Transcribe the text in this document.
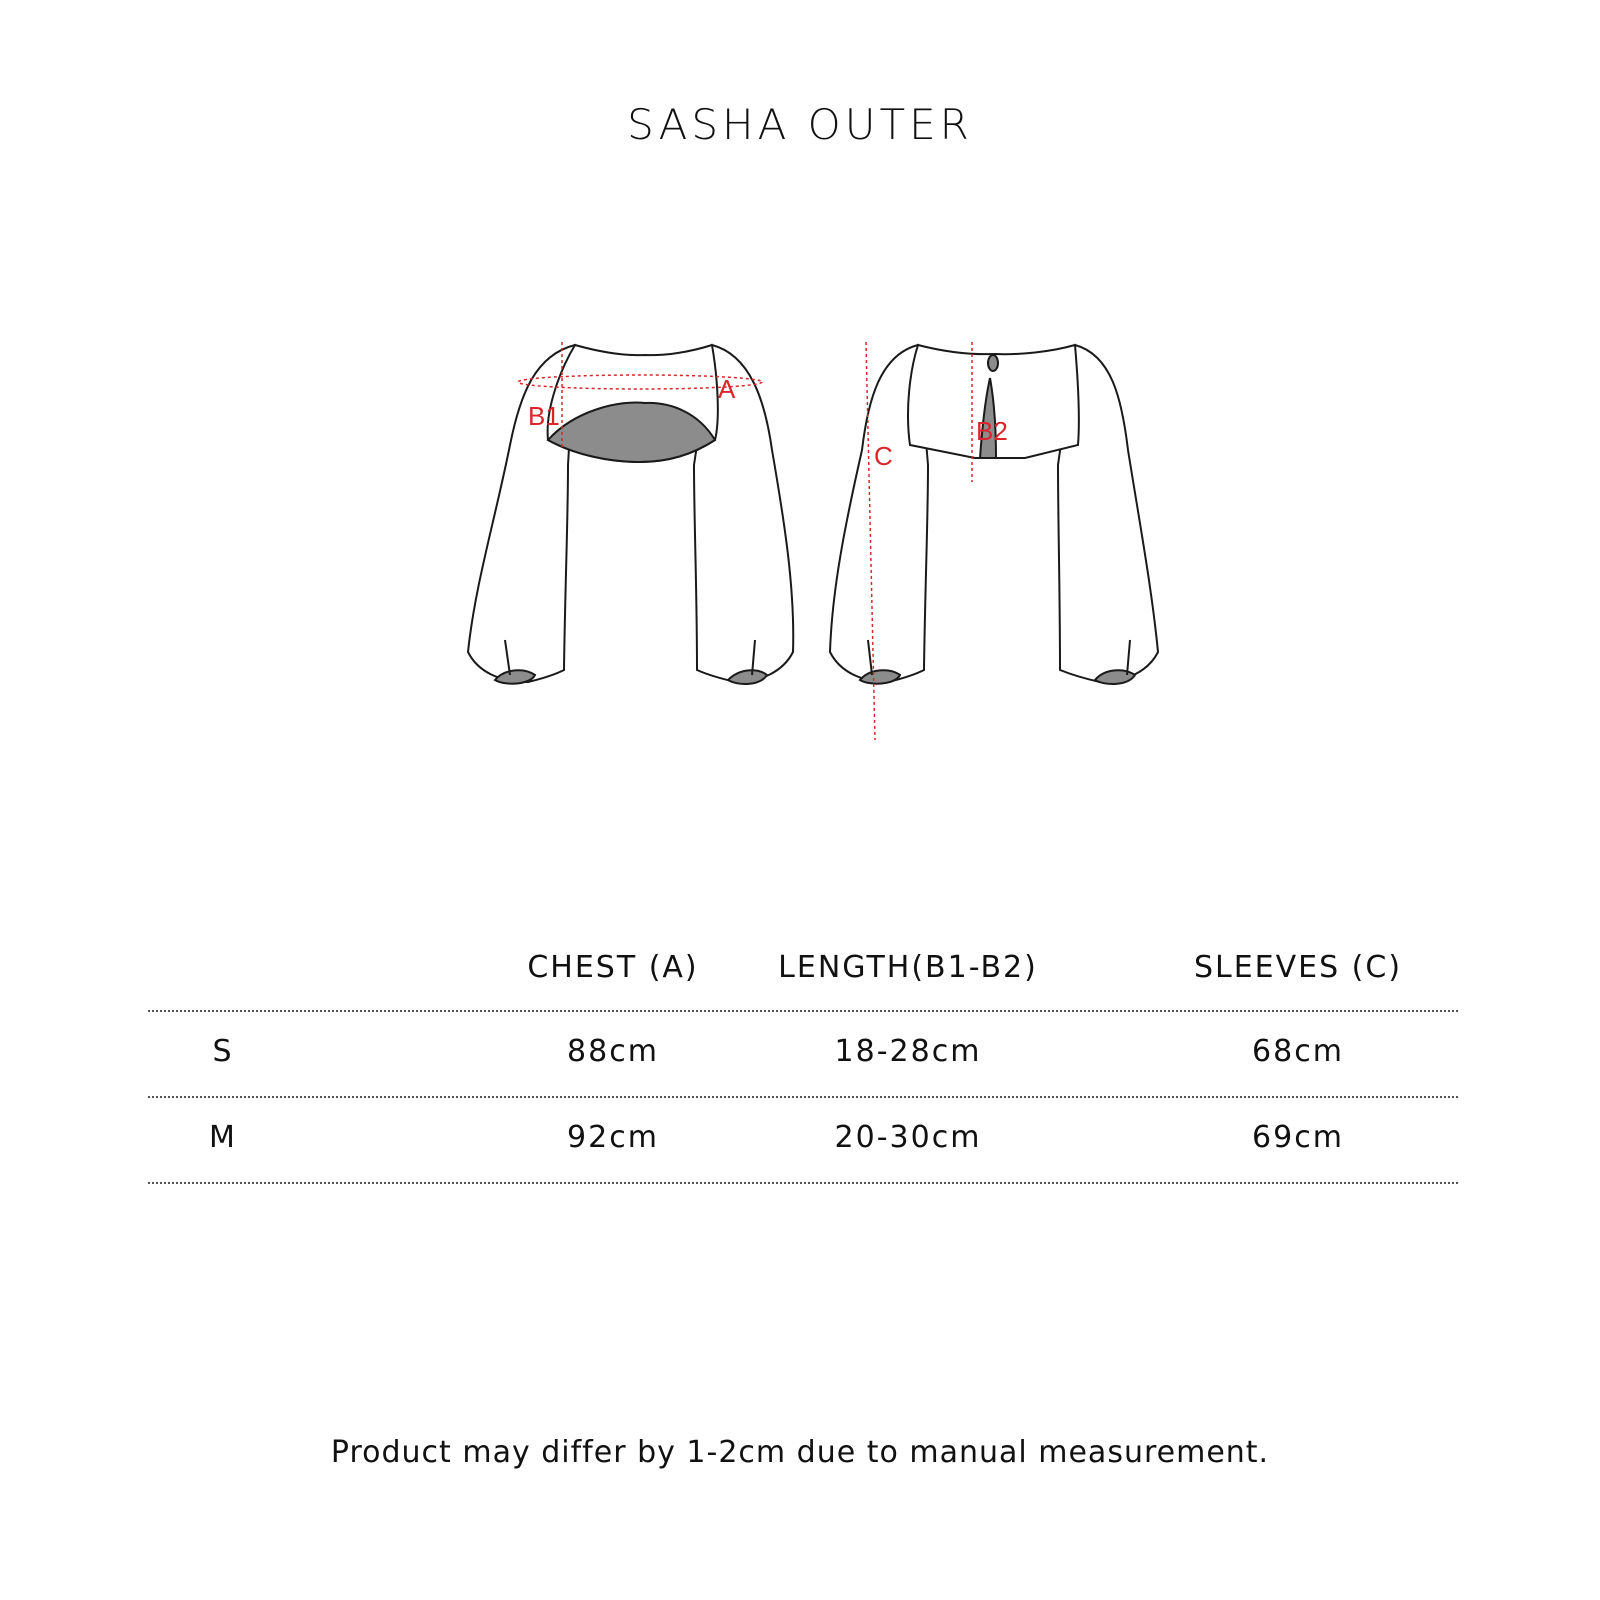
SASHA OUTER
A
B1	B2
C
CHEST (A)	LENGTH(B1-B2)	SLEEVES (C)
S	88cm	18-28cm	68cm
M	92cm	20-30cm	69cm
Product may differ by 1-2cm due to manual measurement.
